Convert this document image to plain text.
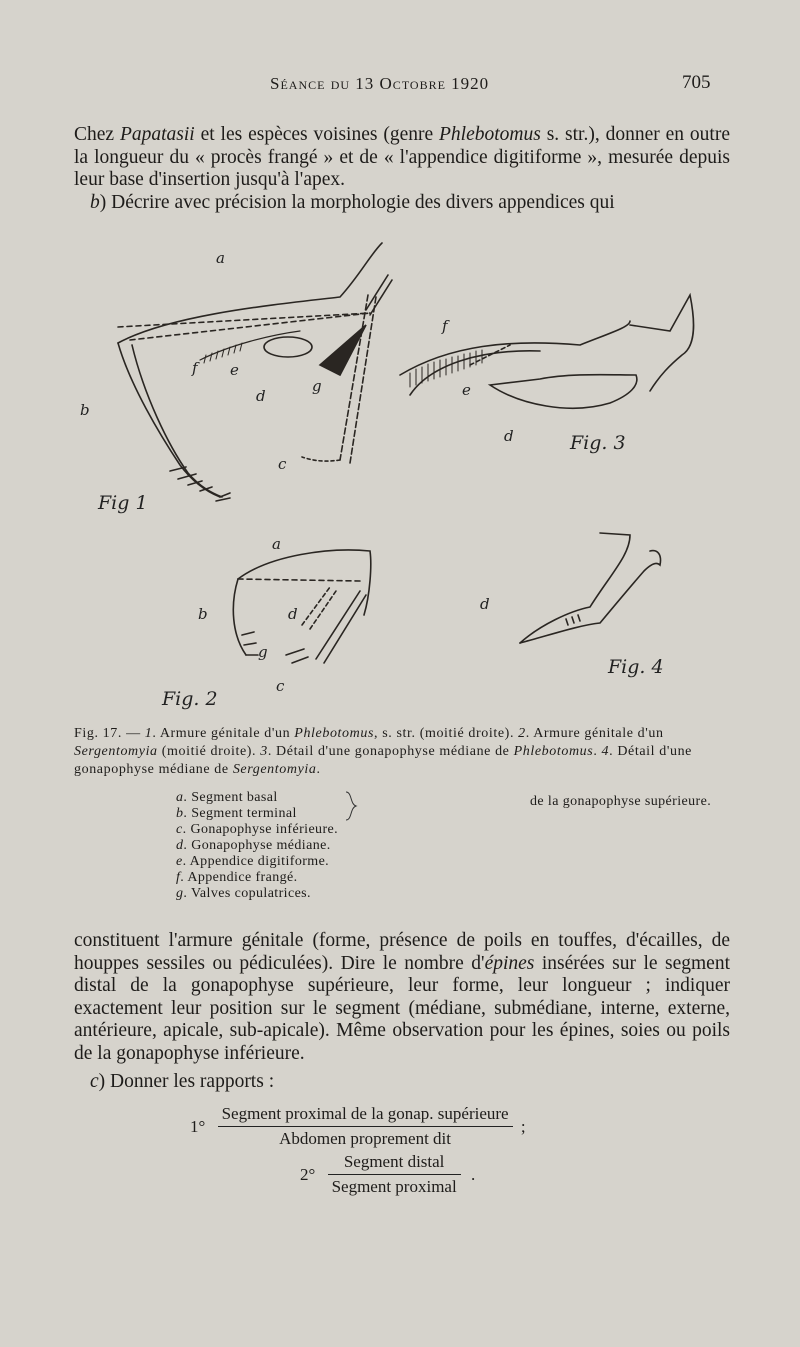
Séance du 13 Octobre 1920	705

Chez Papatasii et les espèces voisines (genre Phlebotomus s. str.), donner en outre la longueur du « procès frangé » et de « l'appendice digitiforme », mesurée depuis leur base d'insertion jusqu'à l'apex.

b) Décrire avec précision la morphologie des divers appendices qui

a
b
f e
d
g
c
f
e
d
a
b	d
g
c
d
Fig 1
Fig. 3
Fig. 2
Fig. 4

Fig. 17. — 1. Armure génitale d'un Phlebotomus, s. str. (moitié droite). 2. Armure génitale d'un Sergentomyia (moitié droite). 3. Détail d'une gonapophyse médiane de Phlebotomus. 4. Détail d'une gonapophyse médiane de Sergentomyia.

a. Segment basal
b. Segment terminal
c. Gonapophyse inférieure.
d. Gonapophyse médiane.
e. Appendice digitiforme.
f. Appendice frangé.
g. Valves copulatrices.
de la gonapophyse supérieure.

constituent l'armure génitale (forme, présence de poils en touffes, d'écailles, de houppes sessiles ou pédiculées). Dire le nombre d'épines insérées sur le segment distal de la gonapophyse supérieure, leur forme, leur longueur ; indiquer exactement leur position sur le segment (médiane, submédiane, interne, externe, antérieure, apicale, sub-apicale). Même observation pour les épines, soies ou poils de la gonapophyse inférieure.

c) Donner les rapports :

$1^\circ \frac{\text{Segment proximal de la gonap. supérieure}}{\text{Abdomen proprement dit}}$ ;
$2^\circ \frac{\text{Segment distal}}{\text{Segment proximal}}$ .
